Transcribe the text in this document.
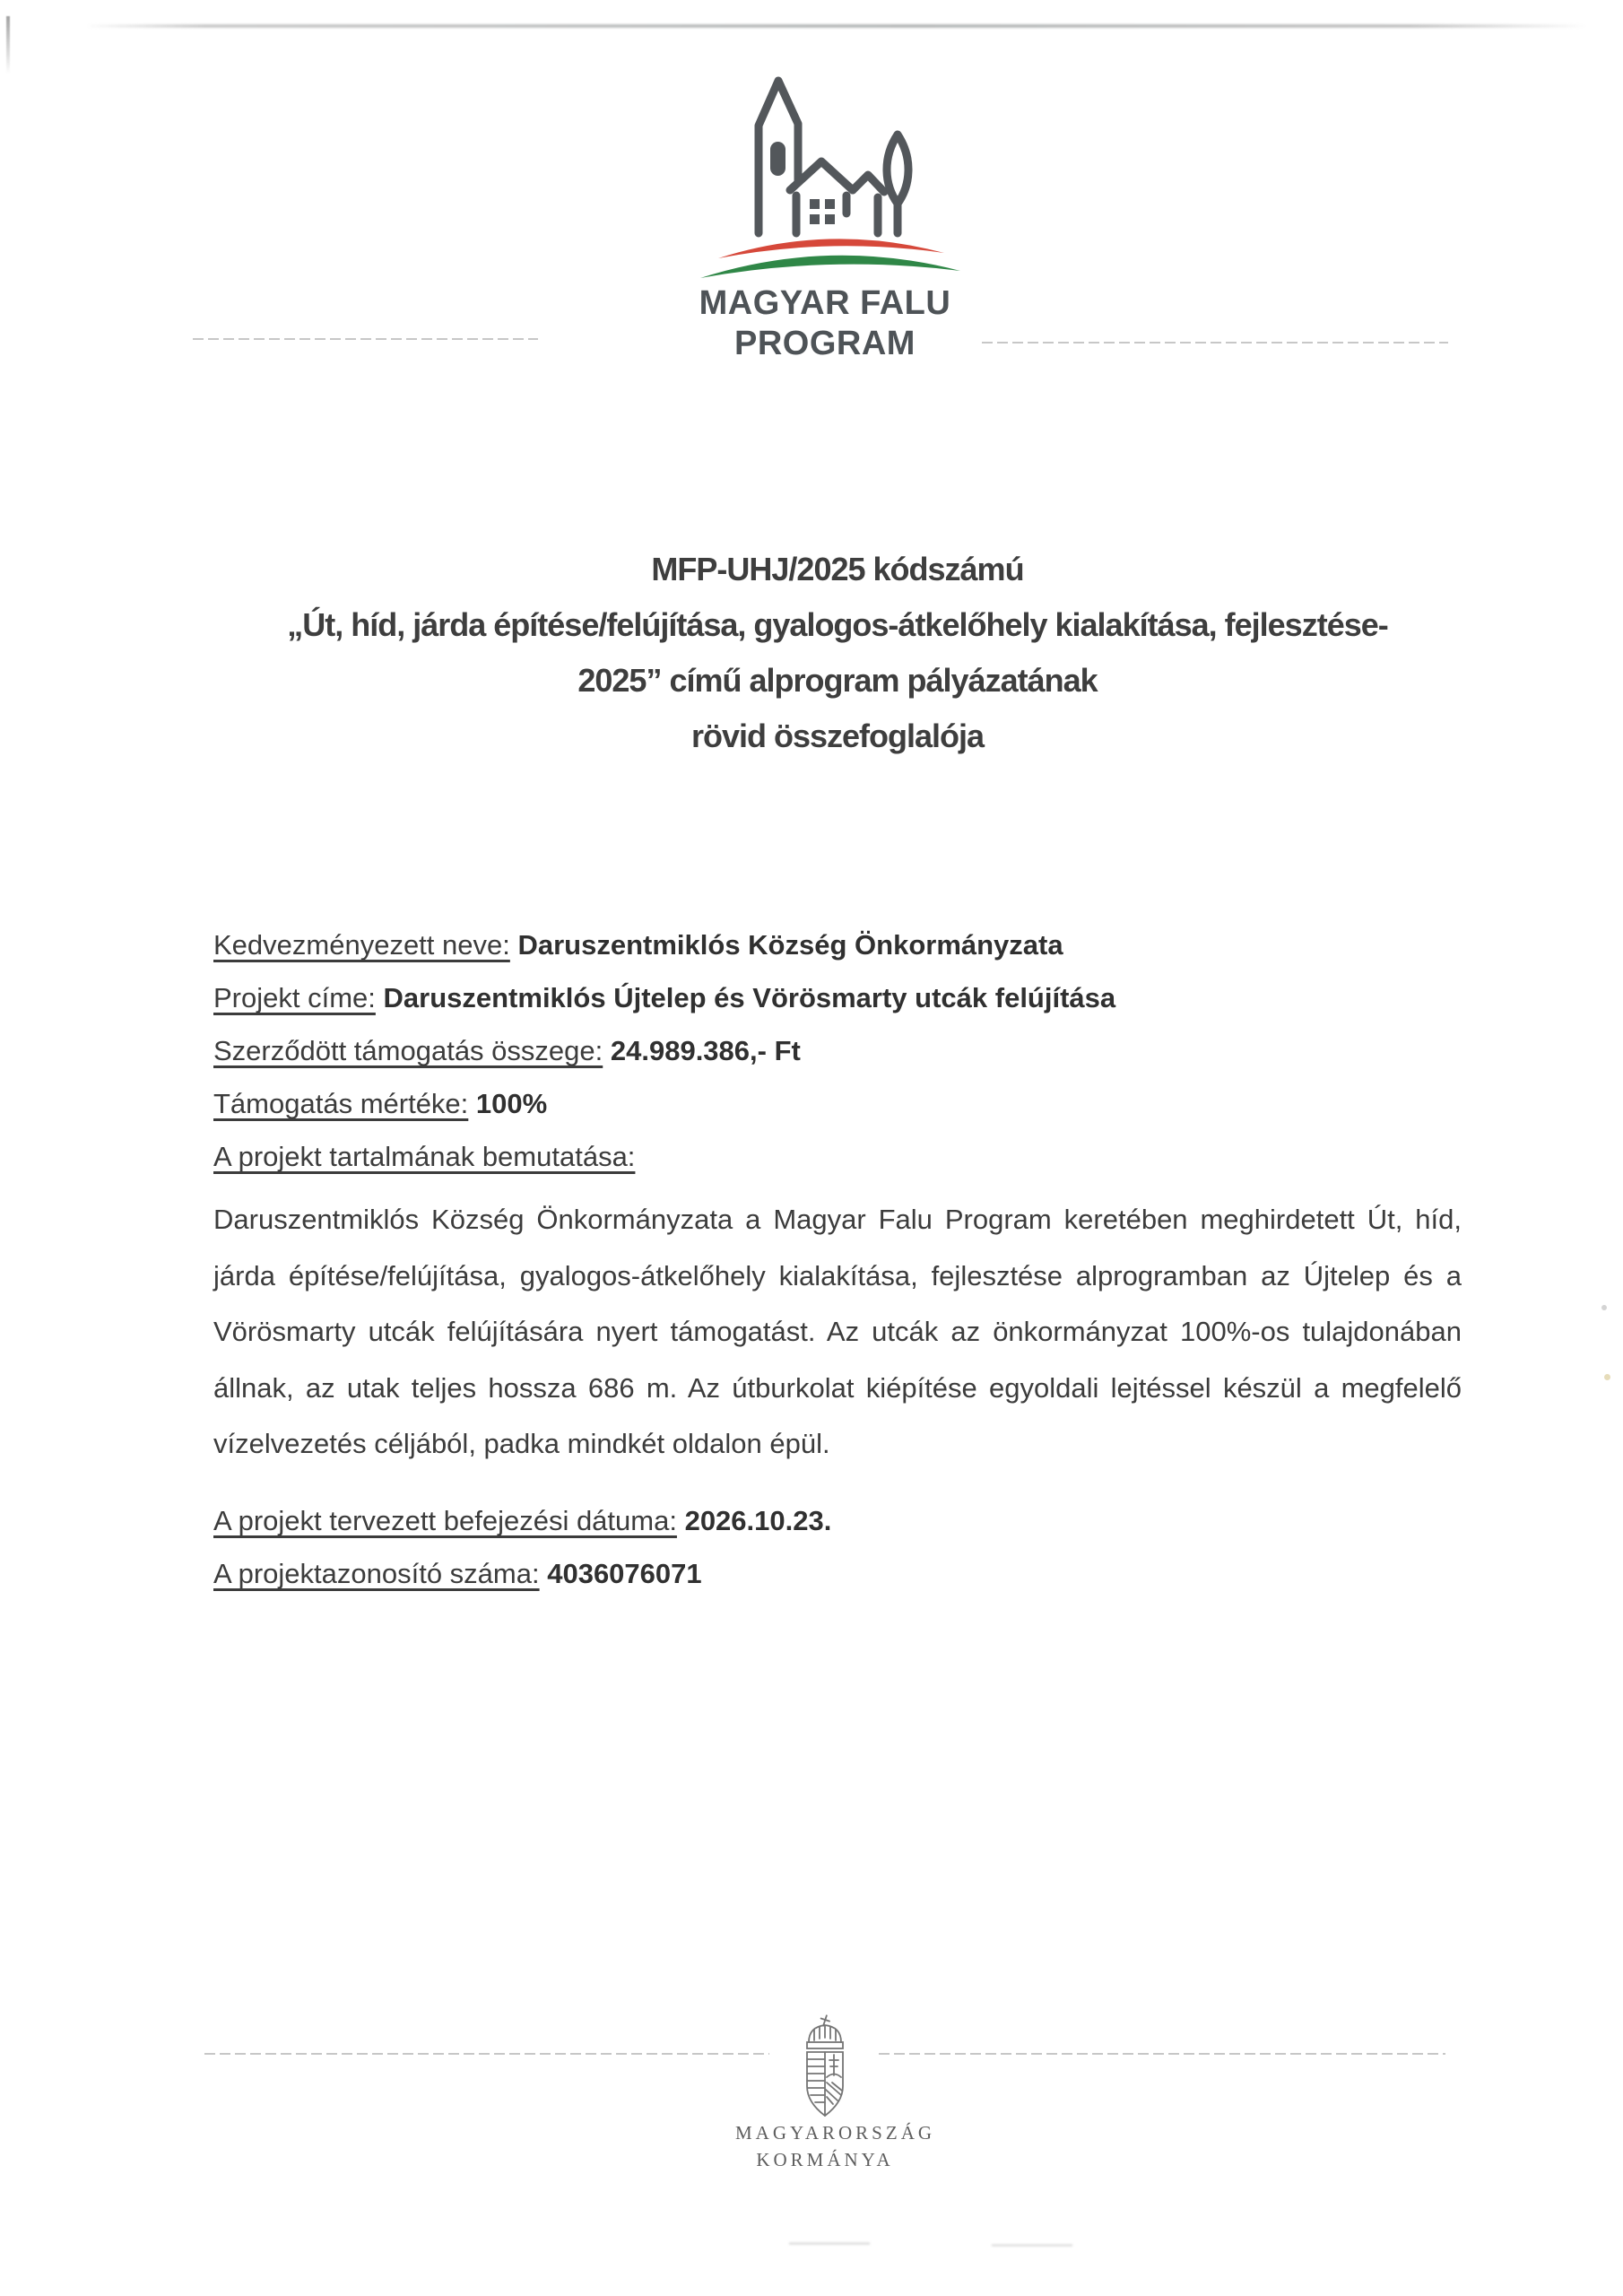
MAGYAR FALU
PROGRAM
MFP-UHJ/2025 kódszámú
„Út, híd, járda építése/felújítása, gyalogos-átkelőhely kialakítása, fejlesztése-
2025” című alprogram pályázatának
rövid összefoglalója
Kedvezményezett neve: Daruszentmiklós Község Önkormányzata
Projekt címe: Daruszentmiklós Újtelep és Vörösmarty utcák felújítása
Szerződött támogatás összege: 24.989.386,- Ft
Támogatás mértéke: 100%
A projekt tartalmának bemutatása:
Daruszentmiklós Község Önkormányzata a Magyar Falu Program keretében meghirdetett Út, híd, járda építése/felújítása, gyalogos-átkelőhely kialakítása, fejlesztése alprogramban az Újtelep és a Vörösmarty utcák felújítására nyert támogatást. Az utcák az önkormányzat 100%-os tulajdonában állnak, az utak teljes hossza 686 m. Az útburkolat kiépítése egyoldali lejtéssel készül a megfelelő vízelvezetés céljából, padka mindkét oldalon épül.
A projekt tervezett befejezési dátuma: 2026.10.23.
A projektazonosító száma: 4036076071
MAGYARORSZÁG
KORMÁNYA
